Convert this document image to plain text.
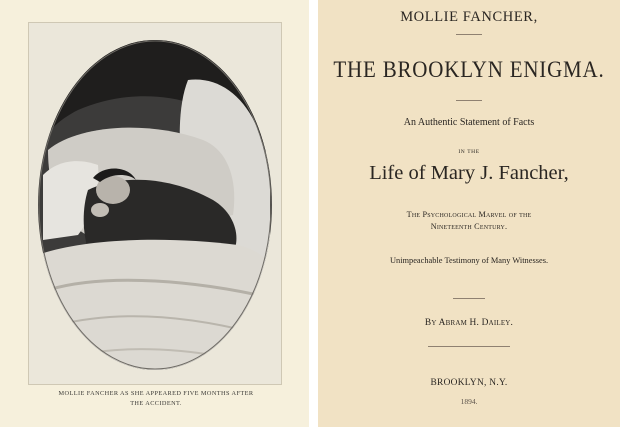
MOLLIE FANCHER AS SHE APPEARED FIVE MONTHS AFTER
THE ACCIDENT.
MOLLIE FANCHER,
THE BROOKLYN ENIGMA.
An Authentic Statement of Facts
IN THE
Life of Mary J. Fancher,
The Psychological Marvel of the
Nineteenth Century.
Unimpeachable Testimony of Many Witnesses.
By Abram H. Dailey.
BROOKLYN, N.Y.
1894.
